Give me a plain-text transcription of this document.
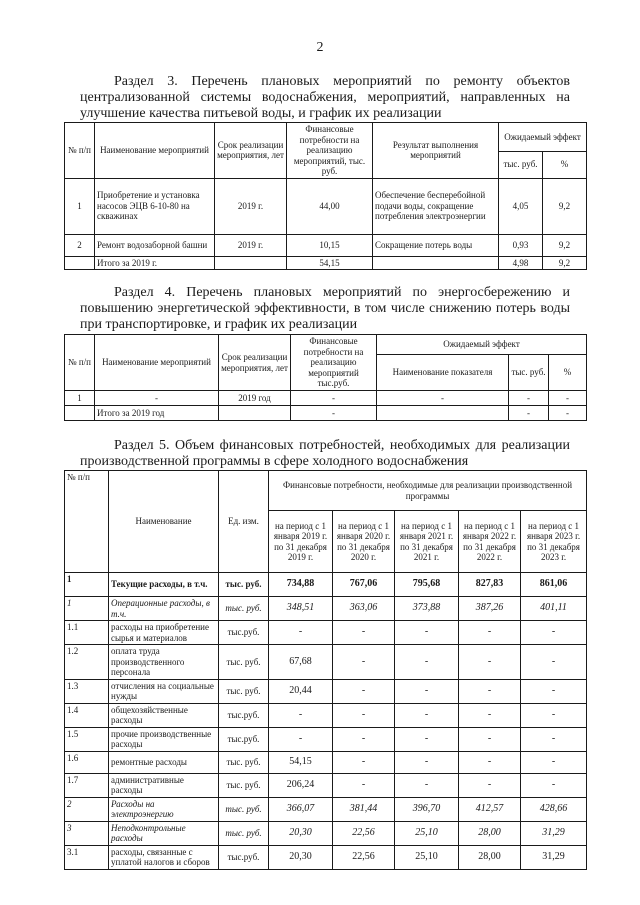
2
Раздел 3. Перечень плановых мероприятий по ремонту объектов централизованной системы водоснабжения, мероприятий, направленных на улучшение качества питьевой воды, и график их реализации
№ п/п	Наименование мероприятий	Срок реализации мероприятия, лет	Финансовые потребности на реализацию мероприятий, тыс. руб.	Результат выполнения мероприятий	Ожидаемый эффект	
					тыс. руб.	%
1	Приобретение и установка насосов ЭЦВ 6-10-80 на скважинах	2019 г.	44,00	Обеспечение бесперебойной подачи воды, сокращение потребления электроэнергии	4,05	9,2
2	Ремонт водозаборной башни	2019 г.	10,15	Сокращение потерь воды	0,93	9,2
	Итого за 2019 г.		54,15		4,98	9,2
Раздел 4. Перечень плановых мероприятий по энергосбережению и повышению энергетической эффективности, в том числе снижению потерь воды при транспортировке, и график их реализации
№ п/п	Наименование мероприятий	Срок реализации мероприятия, лет	Финансовые потребности на реализацию мероприятий тыс.руб.	Ожидаемый эффект		
				Наименование показателя	тыс. руб.	%
1	-	2019 год	-	-	-	-
	Итого за 2019 год		-		-	-
Раздел 5. Объем финансовых потребностей, необходимых для реализации производственной программы в сфере холодного водоснабжения
№ п/п	Наименование	Ед. изм.	Финансовые потребности, необходимые для реализации производственной программы				
			на период с 1 января 2019 г. по 31 декабря 2019 г.	на период с 1 января 2020 г. по 31 декабря 2020 г.	на период с 1 января 2021 г. по 31 декабря 2021 г.	на период с 1 января 2022 г. по 31 декабря 2022 г.	на период с 1 января 2023 г. по 31 декабря 2023 г.
1	Текущие расходы, в т.ч.	тыс. руб.	734,88	767,06	795,68	827,83	861,06
1	Операционные расходы, в т.ч.	тыс. руб.	348,51	363,06	373,88	387,26	401,11
1.1	расходы на приобретение сырья и материалов	тыс.руб.	-	-	-	-	-
1.2	оплата труда производственного персонала	тыс. руб.	67,68	-	-	-	-
1.3	отчисления на социальные нужды	тыс. руб.	20,44	-	-	-	-
1.4	общехозяйственные расходы	тыс.руб.	-	-	-	-	-
1.5	прочие производственные расходы	тыс.руб.	-	-	-	-	-
1.6	ремонтные расходы	тыс. руб.	54,15	-	-	-	-
1.7	административные расходы	тыс. руб.	206,24	-	-	-	-
2	Расходы на электроэнергию	тыс. руб.	366,07	381,44	396,70	412,57	428,66
3	Неподконтрольные расходы	тыс. руб.	20,30	22,56	25,10	28,00	31,29
3.1	расходы, связанные с уплатой налогов и сборов	тыс.руб.	20,30	22,56	25,10	28,00	31,29
